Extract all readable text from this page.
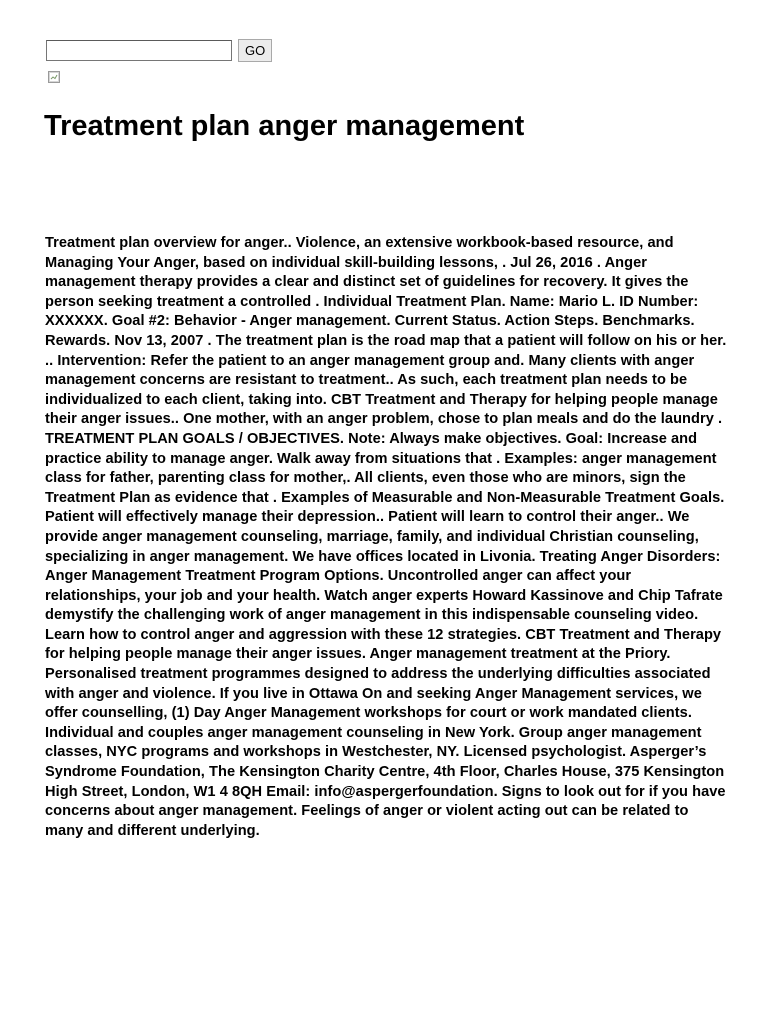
GO
Treatment plan anger management

Treatment plan overview for anger.. Violence, an extensive workbook-based resource, and Managing Your Anger, based on individual skill-building lessons, . Jul 26, 2016 . Anger management therapy provides a clear and distinct set of guidelines for recovery. It gives the person seeking treatment a controlled . Individual Treatment Plan. Name: Mario L. ID Number: XXXXXX. Goal #2: Behavior - Anger management. Current Status. Action Steps. Benchmarks. Rewards. Nov 13, 2007 . The treatment plan is the road map that a patient will follow on his or her. .. Intervention: Refer the patient to an anger management group and. Many clients with anger management concerns are resistant to treatment.. As such, each treatment plan needs to be individualized to each client, taking into. CBT Treatment and Therapy for helping people manage their anger issues.. One mother, with an anger problem, chose to plan meals and do the laundry . TREATMENT PLAN GOALS / OBJECTIVES. Note: Always make objectives. Goal: Increase and practice ability to manage anger. Walk away from situations that . Examples: anger management class for father, parenting class for mother,. All clients, even those who are minors, sign the Treatment Plan as evidence that . Examples of Measurable and Non-Measurable Treatment Goals. Patient will effectively manage their depression.. Patient will learn to control their anger.. We provide anger management counseling, marriage, family, and individual Christian counseling, specializing in anger management. We have offices located in Livonia. Treating Anger Disorders: Anger Management Treatment Program Options. Uncontrolled anger can affect your relationships, your job and your health. Watch anger experts Howard Kassinove and Chip Tafrate demystify the challenging work of anger management in this indispensable counseling video. Learn how to control anger and aggression with these 12 strategies. CBT Treatment and Therapy for helping people manage their anger issues. Anger management treatment at the Priory. Personalised treatment programmes designed to address the underlying difficulties associated with anger and violence. If you live in Ottawa On and seeking Anger Management services, we offer counselling, (1) Day Anger Management workshops for court or work mandated clients. Individual and couples anger management counseling in New York. Group anger management classes, NYC programs and workshops in Westchester, NY. Licensed psychologist. Asperger’s Syndrome Foundation, The Kensington Charity Centre, 4th Floor, Charles House, 375 Kensington High Street, London, W1 4 8QH Email: info@aspergerfoundation. Signs to look out for if you have concerns about anger management. Feelings of anger or violent acting out can be related to many and different underlying.
